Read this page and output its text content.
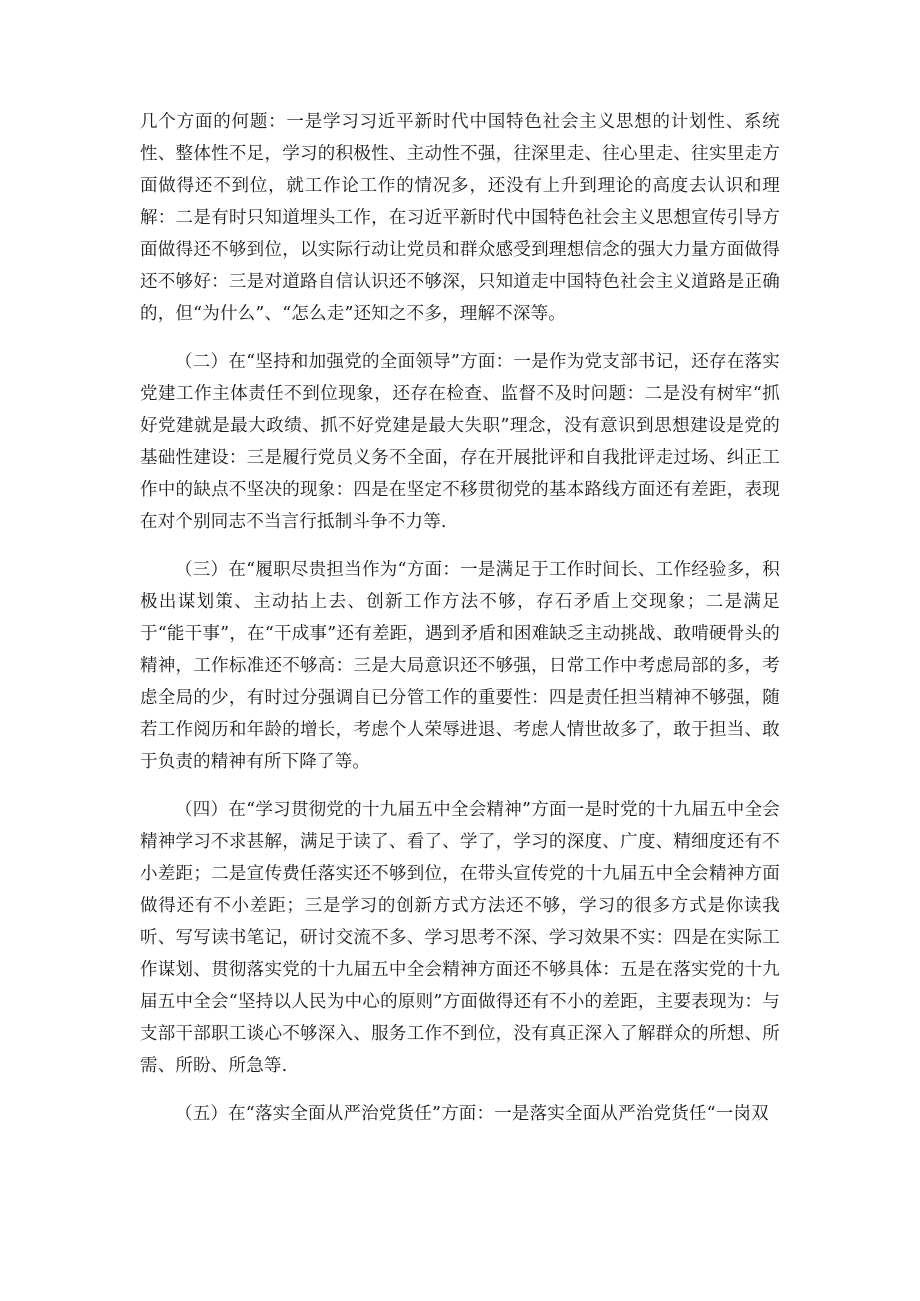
几个方面的何题：一是学习习近平新时代中国特色社会主义思想的计划性、系统性、整体性不足，学习的积极性、主动性不强，往深里走、往心里走、往实里走方面做得还不到位，就工作论工作的情况多，还没有上升到理论的高度去认识和理解：二是有时只知道埋头工作，在习近平新时代中国特色社会主义思想宣传引导方面做得还不够到位，以实际行动让党员和群众感受到理想信念的强大力量方面做得还不够好：三是对道路自信认识还不够深，只知道走中国特色社会主义道路是正确的，但“为什么”、“怎么走”还知之不多，理解不深等。

（二）在“坚持和加强党的全面领导”方面：一是作为党支部书记，还存在落实党建工作主体责任不到位现象，还存在检查、监督不及时问题：二是没有树牢“抓好党建就是最大政绩、抓不好党建是最大失职”理念，没有意识到思想建设是党的基础性建设：三是履行党员义务不全面，存在开展批评和自我批评走过场、纠正工作中的缺点不坚决的现象：四是在坚定不移贯彻党的基本路线方面还有差距，表现在对个别同志不当言行抵制斗争不力等.

（三）在“履职尽贵担当作为“方面：一是满足于工作时间长、工作经验多，积极出谋划策、主动拈上去、创新工作方法不够，存石矛盾上交现象；二是满足于“能干事”，在“干成事”还有差距，遇到矛盾和困难缺乏主动挑战、敢啃硬骨头的精神，工作标准还不够高：三是大局意识还不够强，日常工作中考虑局部的多，考虑全局的少，有时过分强调自已分管工作的重要性：四是责任担当精神不够强，随若工作阅历和年龄的增长，考虑个人荣辱进退、考虑人情世故多了，敢于担当、敢于负责的精神有所下降了等。

（四）在“学习贯彻党的十九届五中全会精神”方面一是时党的十九届五中全会精神学习不求甚解，满足于读了、看了、学了，学习的深度、广度、精细度还有不小差距；二是宣传费任落实还不够到位，在带头宣传党的十九届五中全会精神方面做得还有不小差距；三是学习的创新方式方法还不够，学习的很多方式是你读我听、写写读书笔记，研讨交流不多、学习思考不深、学习效果不实：四是在实际工作谋划、贯彻落实党的十九届五中全会精神方面还不够具体：五是在落实党的十九届五中全会“坚持以人民为中心的原则”方面做得还有不小的差距，主要表现为：与支部干部职工谈心不够深入、服务工作不到位，没有真正深入了解群众的所想、所需、所盼、所急等.

（五）在“落实全面从严治党货任”方面：一是落实全面从严治党货任“一岗双
